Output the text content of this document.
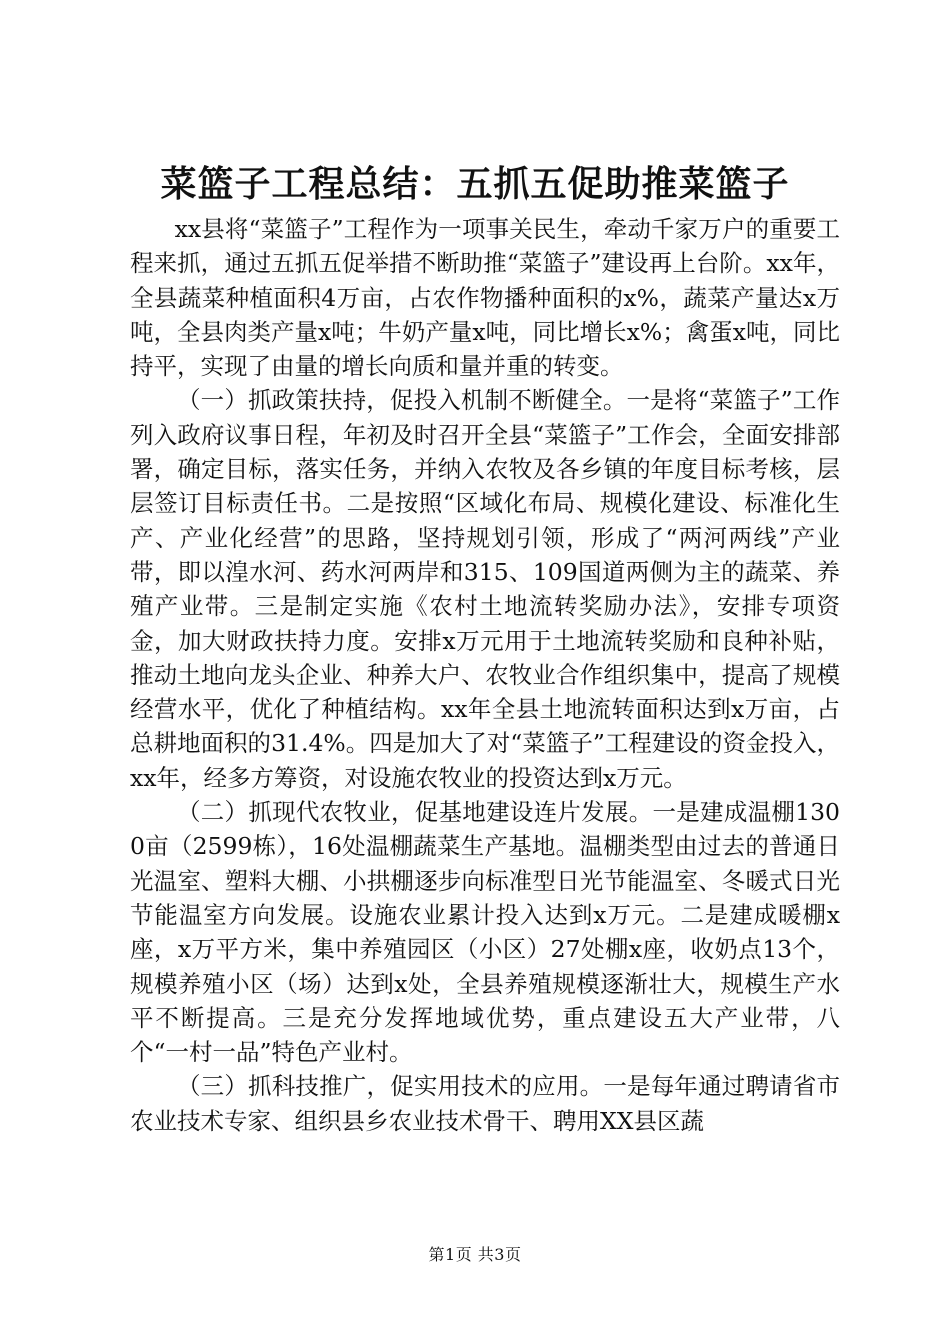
菜篮子工程总结：五抓五促助推菜篮子

xx县将“菜篮子”工程作为一项事关民生，牵动千家万户的重要工程来抓，通过五抓五促举措不断助推“菜篮子”建设再上台阶。xx年，全县蔬菜种植面积4万亩，占农作物播种面积的x%，蔬菜产量达x万吨，全县肉类产量x吨；牛奶产量x吨，同比增长x%；禽蛋x吨，同比持平，实现了由量的增长向质和量并重的转变。

（一）抓政策扶持，促投入机制不断健全。一是将“菜篮子”工作列入政府议事日程，年初及时召开全县“菜篮子”工作会，全面安排部署，确定目标，落实任务，并纳入农牧及各乡镇的年度目标考核，层层签订目标责任书。二是按照“区域化布局、规模化建设、标准化生产、产业化经营”的思路，坚持规划引领，形成了“两河两线”产业带，即以湟水河、药水河两岸和315、109国道两侧为主的蔬菜、养殖产业带。三是制定实施《农村土地流转奖励办法》，安排专项资金，加大财政扶持力度。安排x万元用于土地流转奖励和良种补贴，推动土地向龙头企业、种养大户、农牧业合作组织集中，提高了规模经营水平，优化了种植结构。xx年全县土地流转面积达到x万亩，占总耕地面积的31.4%。四是加大了对“菜篮子”工程建设的资金投入，xx年，经多方筹资，对设施农牧业的投资达到x万元。

（二）抓现代农牧业，促基地建设连片发展。一是建成温棚1300亩（2599栋），16处温棚蔬菜生产基地。温棚类型由过去的普通日光温室、塑料大棚、小拱棚逐步向标准型日光节能温室、冬暖式日光节能温室方向发展。设施农业累计投入达到x万元。二是建成暖棚x座，x万平方米，集中养殖园区（小区）27处棚x座，收奶点13个，规模养殖小区（场）达到x处，全县养殖规模逐渐壮大，规模生产水平不断提高。三是充分发挥地域优势，重点建设五大产业带，八个“一村一品”特色产业村。

（三）抓科技推广，促实用技术的应用。一是每年通过聘请省市农业技术专家、组织县乡农业技术骨干、聘用XX县区蔬

第1页 共3页
